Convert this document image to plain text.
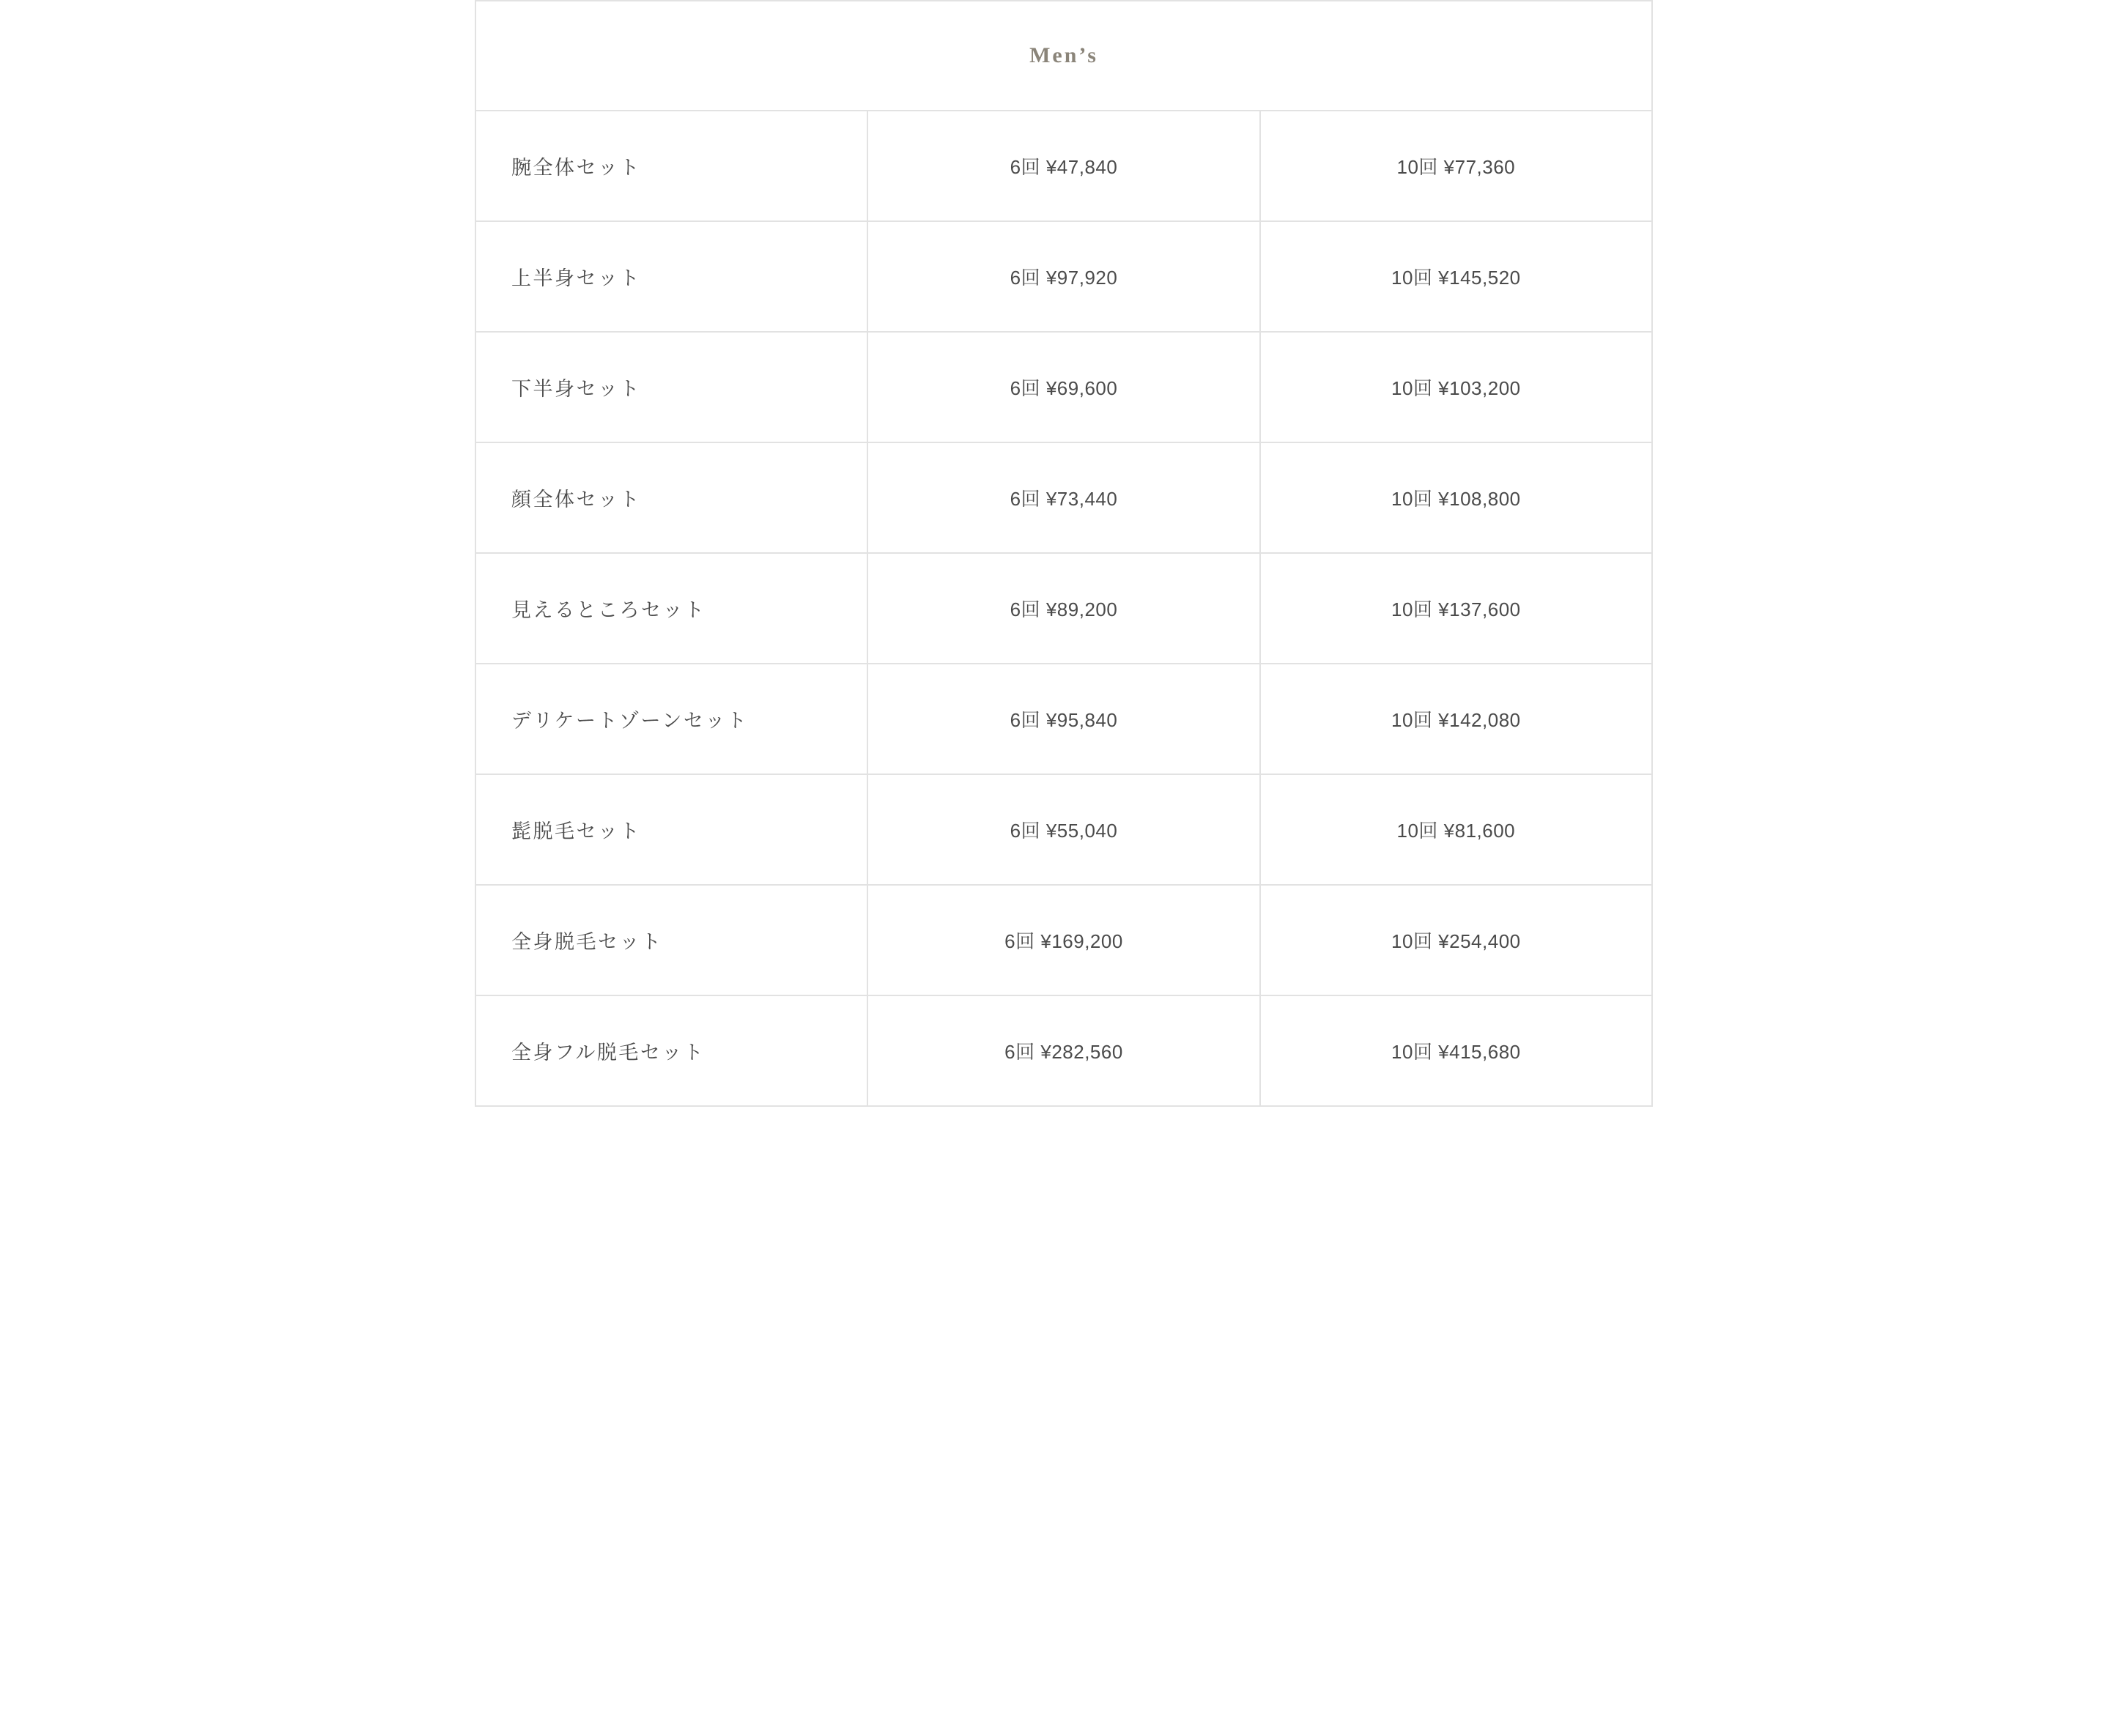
Men’s		
腕全体セット	6回 ¥47,840	10回 ¥77,360
上半身セット	6回 ¥97,920	10回 ¥145,520
下半身セット	6回 ¥69,600	10回 ¥103,200
顔全体セット	6回 ¥73,440	10回 ¥108,800
見えるところセット	6回 ¥89,200	10回 ¥137,600
デリケートゾーンセット	6回 ¥95,840	10回 ¥142,080
髭脱毛セット	6回 ¥55,040	10回 ¥81,600
全身脱毛セット	6回 ¥169,200	10回 ¥254,400
全身フル脱毛セット	6回 ¥282,560	10回 ¥415,680
